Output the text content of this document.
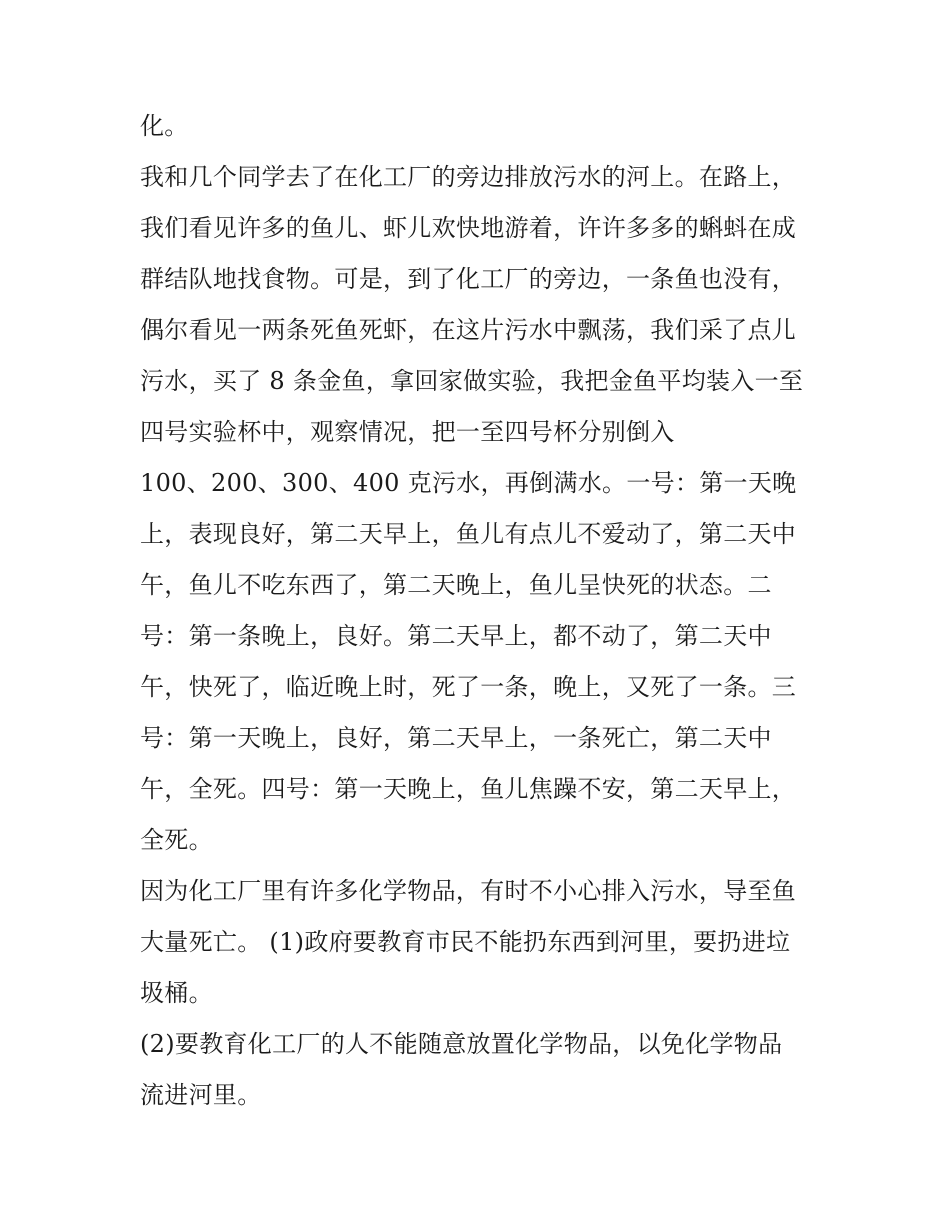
化。
我和几个同学去了在化工厂的旁边排放污水的河上。在路上，
我们看见许多的鱼儿、虾儿欢快地游着，许许多多的蝌蚪在成
群结队地找食物。可是，到了化工厂的旁边，一条鱼也没有，
偶尔看见一两条死鱼死虾，在这片污水中飘荡，我们采了点儿
污水，买了 8 条金鱼，拿回家做实验，我把金鱼平均装入一至
四号实验杯中，观察情况，把一至四号杯分别倒入
100、200、300、400 克污水，再倒满水。一号：第一天晚
上，表现良好，第二天早上，鱼儿有点儿不爱动了，第二天中
午，鱼儿不吃东西了，第二天晚上，鱼儿呈快死的状态。二
号：第一条晚上，良好。第二天早上，都不动了，第二天中
午，快死了，临近晚上时，死了一条，晚上，又死了一条。三
号：第一天晚上，良好，第二天早上，一条死亡，第二天中
午，全死。四号：第一天晚上，鱼儿焦躁不安，第二天早上，
全死。
因为化工厂里有许多化学物品，有时不小心排入污水，导至鱼
大量死亡。 (1)政府要教育市民不能扔东西到河里，要扔进垃
圾桶。
(2)要教育化工厂的人不能随意放置化学物品，以免化学物品
流进河里。
